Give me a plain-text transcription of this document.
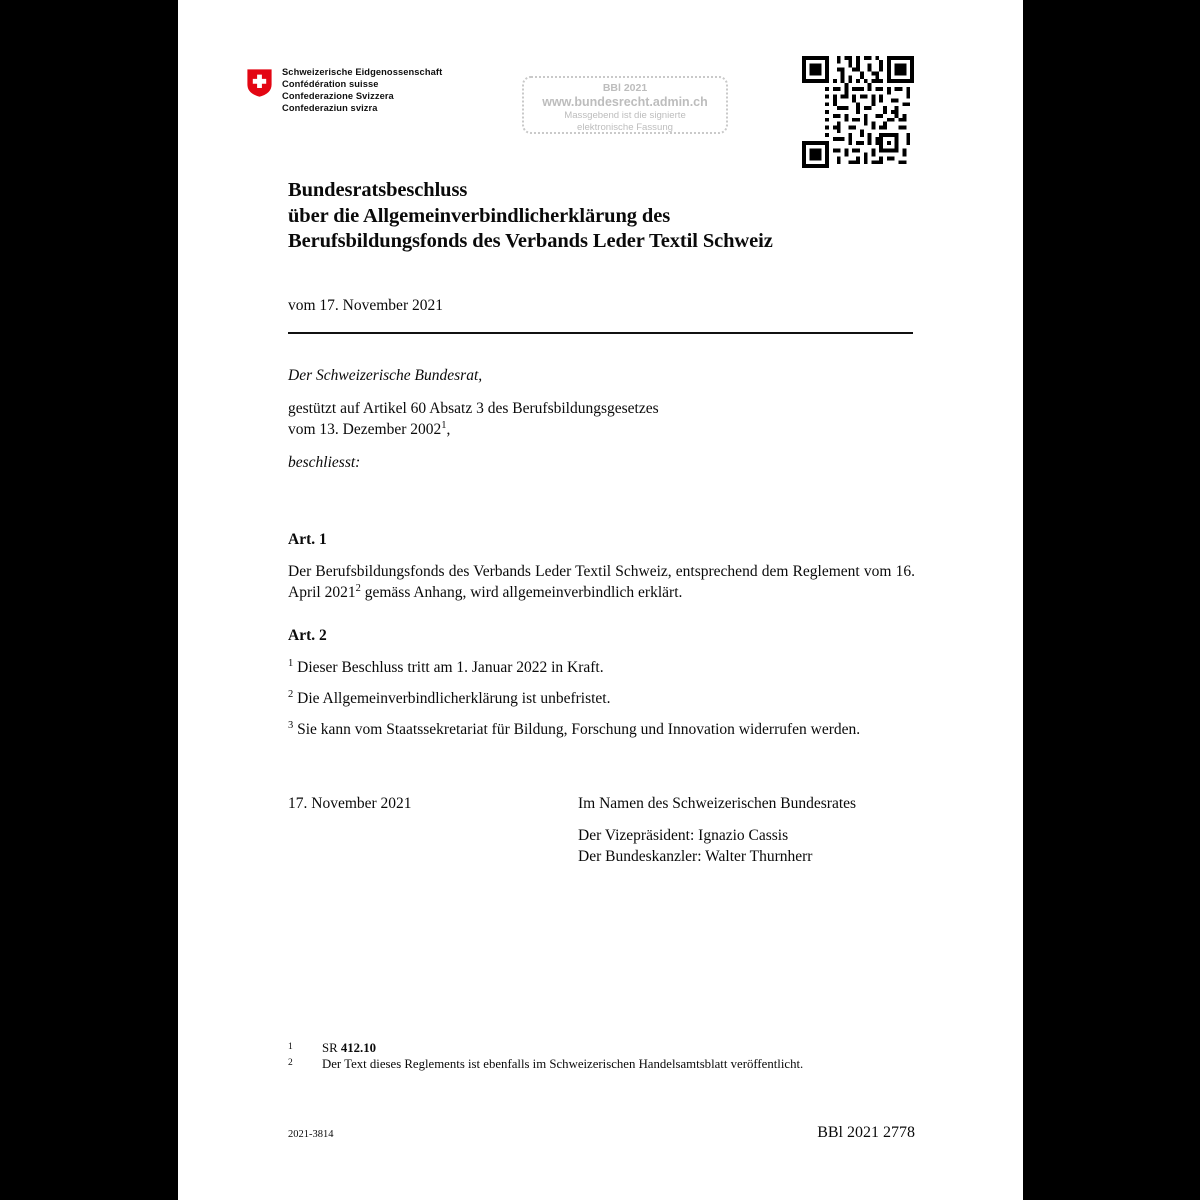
Schweizerische Eidgenossenschaft
Confédération suisse
Confederazione Svizzera
Confederaziun svizra
BBl 2021
www.bundesrecht.admin.ch
Massgebend ist die signierte
elektronische Fassung
Bundesratsbeschluss
über die Allgemeinverbindlicherklärung des
Berufsbildungsfonds des Verbands Leder Textil Schweiz
vom 17. November 2021
Der Schweizerische Bundesrat,
gestützt auf Artikel 60 Absatz 3 des Berufsbildungsgesetzes
vom 13. Dezember 2002$^1$,
beschliesst:
Art. 1
Der Berufsbildungsfonds des Verbands Leder Textil Schweiz, entsprechend dem Reglement vom 16. April 2021$^2$ gemäss Anhang, wird allgemeinverbindlich erklärt.
Art. 2
$^1$ Dieser Beschluss tritt am 1. Januar 2022 in Kraft.
$^2$ Die Allgemeinverbindlicherklärung ist unbefristet.
$^3$ Sie kann vom Staatssekretariat für Bildung, Forschung und Innovation widerrufen werden.
17. November 2021	Im Namen des Schweizerischen Bundesrates
Der Vizepräsident: Ignazio Cassis
Der Bundeskanzler: Walter Thurnherr
1	SR 412.10
2	Der Text dieses Reglements ist ebenfalls im Schweizerischen Handelsamtsblatt veröffentlicht.
2021-3814	BBl 2021 2778
